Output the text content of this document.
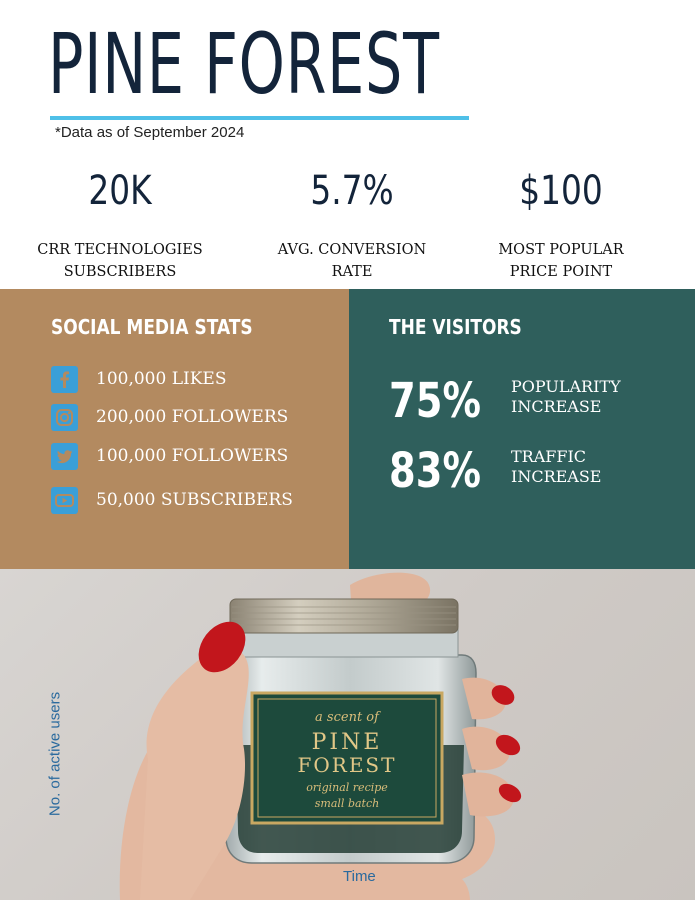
PINE FOREST
*Data as of September 2024
20K
CRR TECHNOLOGIES
SUBSCRIBERS
5.7%
AVG. CONVERSION
RATE
$100
MOST POPULAR
PRICE POINT
SOCIAL MEDIA STATS
100,000 LIKES
200,000 FOLLOWERS
100,000 FOLLOWERS
50,000 SUBSCRIBERS
THE VISITORS
75% POPULARITY
INCREASE
83% TRAFFIC
INCREASE
a scent of
PINE
FOREST
original recipe
small batch
No. of active users
Time
